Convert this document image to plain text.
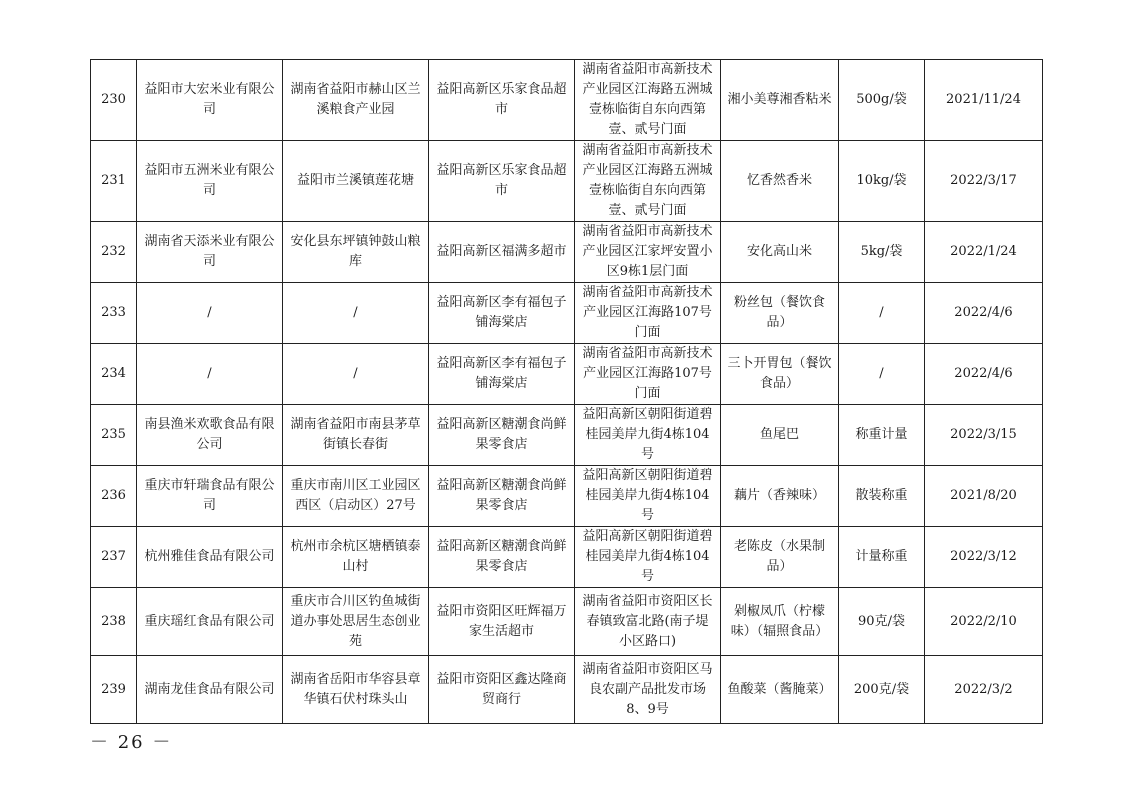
230	益阳市大宏米业有限公司	湖南省益阳市赫山区兰溪粮食产业园	益阳高新区乐家食品超市	湖南省益阳市高新技术产业园区江海路五洲城壹栋临街自东向西第壹、贰号门面	湘小美尊湘香粘米	500g/袋	2021/11/24
231	益阳市五洲米业有限公司	益阳市兰溪镇莲花塘	益阳高新区乐家食品超市	湖南省益阳市高新技术产业园区江海路五洲城壹栋临街自东向西第壹、贰号门面	忆香然香米	10kg/袋	2022/3/17
232	湖南省天添米业有限公司	安化县东坪镇钟鼓山粮库	益阳高新区福满多超市	湖南省益阳市高新技术产业园区江家坪安置小区9栋1层门面	安化高山米	5kg/袋	2022/1/24
233	/	/	益阳高新区李有福包子铺海棠店	湖南省益阳市高新技术产业园区江海路107号门面	粉丝包（餐饮食品）	/	2022/4/6
234	/	/	益阳高新区李有福包子铺海棠店	湖南省益阳市高新技术产业园区江海路107号门面	三卜开胃包（餐饮食品）	/	2022/4/6
235	南县渔米欢歌食品有限公司	湖南省益阳市南县茅草街镇长春街	益阳高新区糖潮食尚鲜果零食店	益阳高新区朝阳街道碧桂园美岸九街4栋104号	鱼尾巴	称重计量	2022/3/15
236	重庆市轩瑞食品有限公司	重庆市南川区工业园区西区（启动区）27号	益阳高新区糖潮食尚鲜果零食店	益阳高新区朝阳街道碧桂园美岸九街4栋104号	藕片（香辣味）	散装称重	2021/8/20
237	杭州雅佳食品有限公司	杭州市余杭区塘栖镇泰山村	益阳高新区糖潮食尚鲜果零食店	益阳高新区朝阳街道碧桂园美岸九街4栋104号	老陈皮（水果制品）	计量称重	2022/3/12
238	重庆瑶红食品有限公司	重庆市合川区钓鱼城街道办事处思居生态创业苑	益阳市资阳区旺辉福万家生活超市	湖南省益阳市资阳区长春镇致富北路(南子堤小区路口)	剁椒凤爪（柠檬味）（辐照食品）	90克/袋	2022/2/10
239	湖南龙佳食品有限公司	湖南省岳阳市华容县章华镇石伏村珠头山	益阳市资阳区鑫达隆商贸商行	湖南省益阳市资阳区马良农副产品批发市场8、9号	鱼酸菜（酱腌菜）	200克/袋	2022/3/2
－ 26 －
